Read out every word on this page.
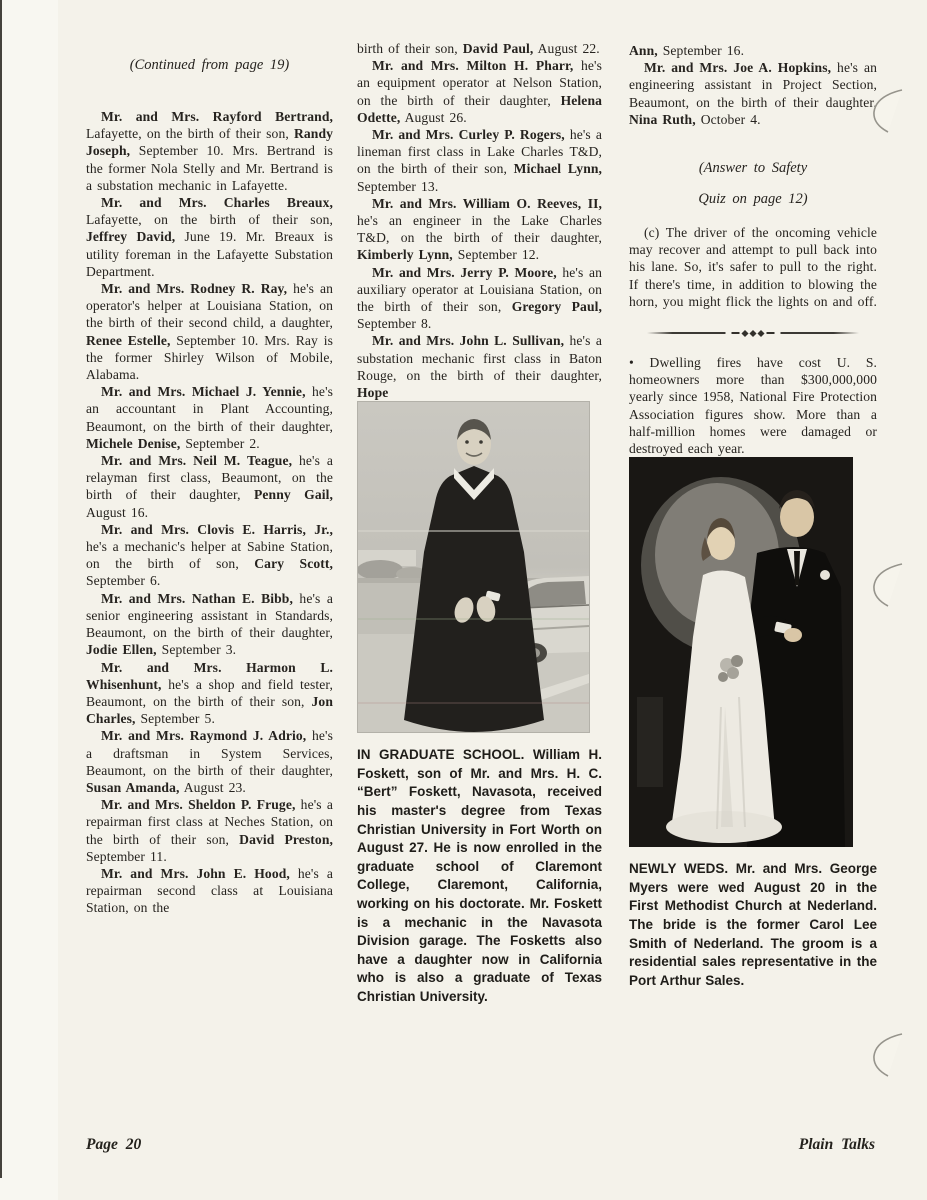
(Continued from page 19)

Mr. and Mrs. Rayford Bertrand, Lafayette, on the birth of their son, Randy Joseph, September 10. Mrs. Bertrand is the former Nola Stelly and Mr. Bertrand is a substation mechanic in Lafayette.

Mr. and Mrs. Charles Breaux, Lafayette, on the birth of their son, Jeffrey David, June 19. Mr. Breaux is utility foreman in the Lafayette Substation Department.

Mr. and Mrs. Rodney R. Ray, he's an operator's helper at Louisiana Station, on the birth of their second child, a daughter, Renee Estelle, September 10. Mrs. Ray is the former Shirley Wilson of Mobile, Alabama.

Mr. and Mrs. Michael J. Yennie, he's an accountant in Plant Accounting, Beaumont, on the birth of their daughter, Michele Denise, September 2.

Mr. and Mrs. Neil M. Teague, he's a relayman first class, Beaumont, on the birth of their daughter, Penny Gail, August 16.

Mr. and Mrs. Clovis E. Harris, Jr., he's a mechanic's helper at Sabine Station, on the birth of son, Cary Scott, September 6.

Mr. and Mrs. Nathan E. Bibb, he's a senior engineering assistant in Standards, Beaumont, on the birth of their daughter, Jodie Ellen, September 3.

Mr. and Mrs. Harmon L. Whisenhunt, he's a shop and field tester, Beaumont, on the birth of their son, Jon Charles, September 5.

Mr. and Mrs. Raymond J. Adrio, he's a draftsman in System Services, Beaumont, on the birth of their daughter, Susan Amanda, August 23.

Mr. and Mrs. Sheldon P. Fruge, he's a repairman first class at Neches Station, on the birth of their son, David Preston, September 11.

Mr. and Mrs. John E. Hood, he's a repairman second class at Louisiana Station, on the

birth of their son, David Paul, August 22.

Mr. and Mrs. Milton H. Pharr, he's an equipment operator at Nelson Station, on the birth of their daughter, Helena Odette, August 26.

Mr. and Mrs. Curley P. Rogers, he's a lineman first class in Lake Charles T&D, on the birth of their son, Michael Lynn, September 13.

Mr. and Mrs. William O. Reeves, II, he's an engineer in the Lake Charles T&D, on the birth of their daughter, Kimberly Lynn, September 12.

Mr. and Mrs. Jerry P. Moore, he's an auxiliary operator at Louisiana Station, on the birth of their son, Gregory Paul, September 8.

Mr. and Mrs. John L. Sullivan, he's a substation mechanic first class in Baton Rouge, on the birth of their daughter, Hope

IN GRADUATE SCHOOL. William H. Foskett, son of Mr. and Mrs. H. C. “Bert” Foskett, Navasota, received his master's degree from Texas Christian University in Fort Worth on August 27. He is now enrolled in the graduate school of Claremont College, Claremont, California, working on his doctorate. Mr. Foskett is a mechanic in the Navasota Division garage. The Fosketts also have a daughter now in California who is also a graduate of Texas Christian University.

Ann, September 16.

Mr. and Mrs. Joe A. Hopkins, he's an engineering assistant in Project Section, Beaumont, on the birth of their daughter, Nina Ruth, October 4.

(Answer to Safety
Quiz on page 12)

(c) The driver of the oncoming vehicle may recover and attempt to pull back into his lane. So, it's safer to pull to the right. If there's time, in addition to blowing the horn, you might flick the lights on and off.

• Dwelling fires have cost U. S. homeowners more than $300,000,000 yearly since 1958, National Fire Protection Association figures show. More than a half-million homes were damaged or destroyed each year.

NEWLY WEDS. Mr. and Mrs. George Myers were wed August 20 in the First Methodist Church at Nederland. The bride is the former Carol Lee Smith of Nederland. The groom is a residential sales representative in the Port Arthur Sales.

Page 20	Plain Talks
